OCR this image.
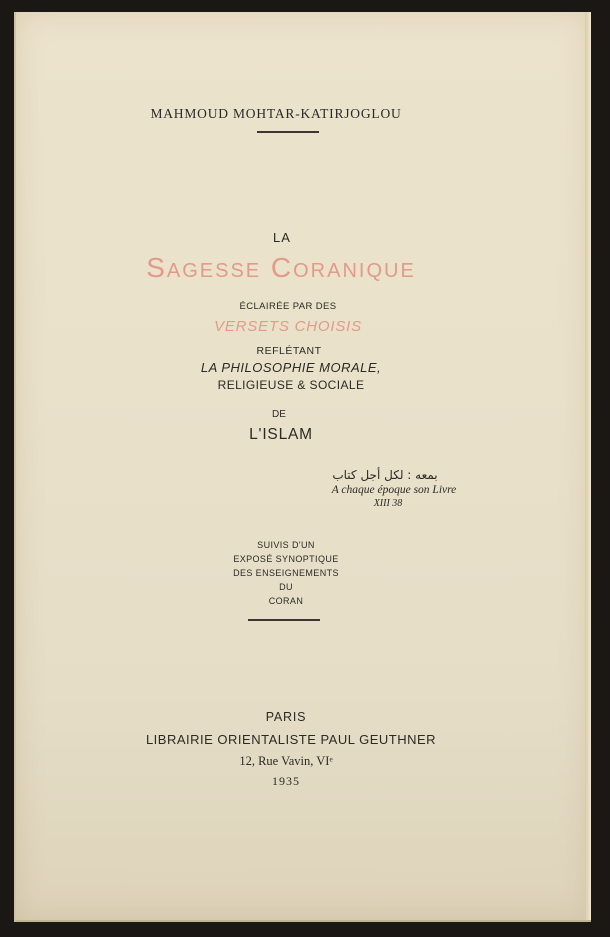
MAHMOUD MOHTAR-KATIRJOGLOU
LA
Sagesse Coranique
ÉCLAIRÉE PAR DES
VERSETS CHOISIS
REFLÉTANT
LA PHILOSOPHIE MORALE,
RELIGIEUSE & SOCIALE
DE
L'ISLAM
بمعه : لكل أجل كتاب
A chaque époque son Livre
XIII 38
SUIVIS D'UN
EXPOSÉ SYNOPTIQUE
DES ENSEIGNEMENTS
DU
CORAN
PARIS
LIBRAIRIE ORIENTALISTE PAUL GEUTHNER
12, Rue Vavin, VIᵉ
1935
